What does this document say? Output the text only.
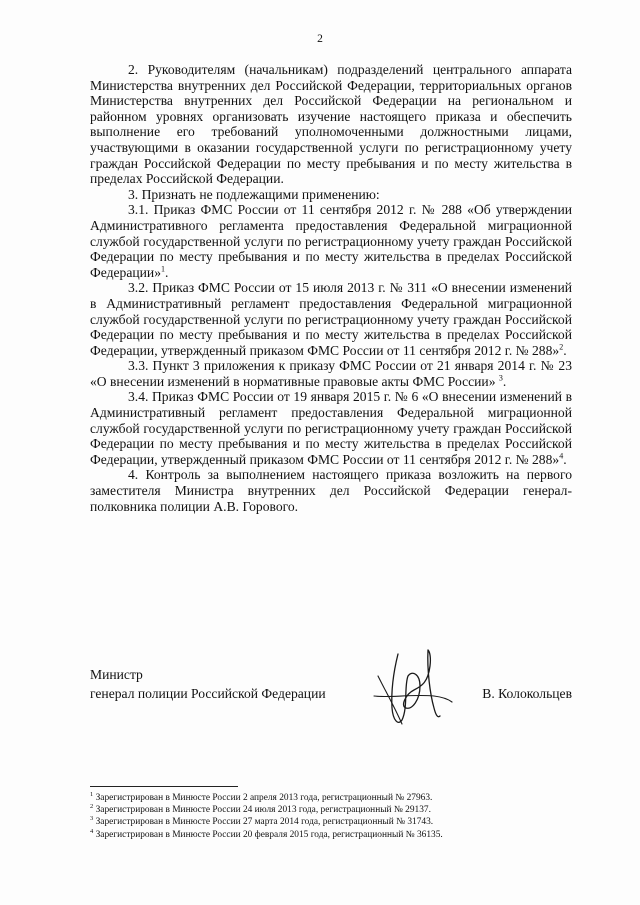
2

2. Руководителям (начальникам) подразделений центрального аппарата Министерства внутренних дел Российской Федерации, территориальных органов Министерства внутренних дел Российской Федерации на региональном и районном уровнях организовать изучение настоящего приказа и обеспечить выполнение его требований уполномоченными должностными лицами, участвующими в оказании государственной услуги по регистрационному учету граждан Российской Федерации по месту пребывания и по месту жительства в пределах Российской Федерации.

3. Признать не подлежащими применению:

3.1. Приказ ФМС России от 11 сентября 2012 г. № 288 «Об утверждении Административного регламента предоставления Федеральной миграционной службой государственной услуги по регистрационному учету граждан Российской Федерации по месту пребывания и по месту жительства в пределах Российской Федерации»$^1$.

3.2. Приказ ФМС России от 15 июля 2013 г. № 311 «О внесении изменений в Административный регламент предоставления Федеральной миграционной службой государственной услуги по регистрационному учету граждан Российской Федерации по месту пребывания и по месту жительства в пределах Российской Федерации, утвержденный приказом ФМС России от 11 сентября 2012 г. № 288»$^2$.

3.3. Пункт 3 приложения к приказу ФМС России от 21 января 2014 г. № 23 «О внесении изменений в нормативные правовые акты ФМС России» $^3$.

3.4. Приказ ФМС России от 19 января 2015 г. № 6 «О внесении изменений в Административный регламент предоставления Федеральной миграционной службой государственной услуги по регистрационному учету граждан Российской Федерации по месту пребывания и по месту жительства в пределах Российской Федерации, утвержденный приказом ФМС России от 11 сентября 2012 г. № 288»$^4$.

4. Контроль за выполнением настоящего приказа возложить на первого заместителя Министра внутренних дел Российской Федерации генерал-полковника полиции А.В. Горового.

Министр
генерал полиции Российской Федерации	В. Колокольцев
$^1$ Зарегистрирован в Минюсте России 2 апреля 2013 года, регистрационный № 27963.
$^2$ Зарегистрирован в Минюсте России 24 июля 2013 года, регистрационный № 29137.
$^3$ Зарегистрирован в Минюсте России 27 марта 2014 года, регистрационный № 31743.
$^4$ Зарегистрирован в Минюсте России 20 февраля 2015 года, регистрационный № 36135.
